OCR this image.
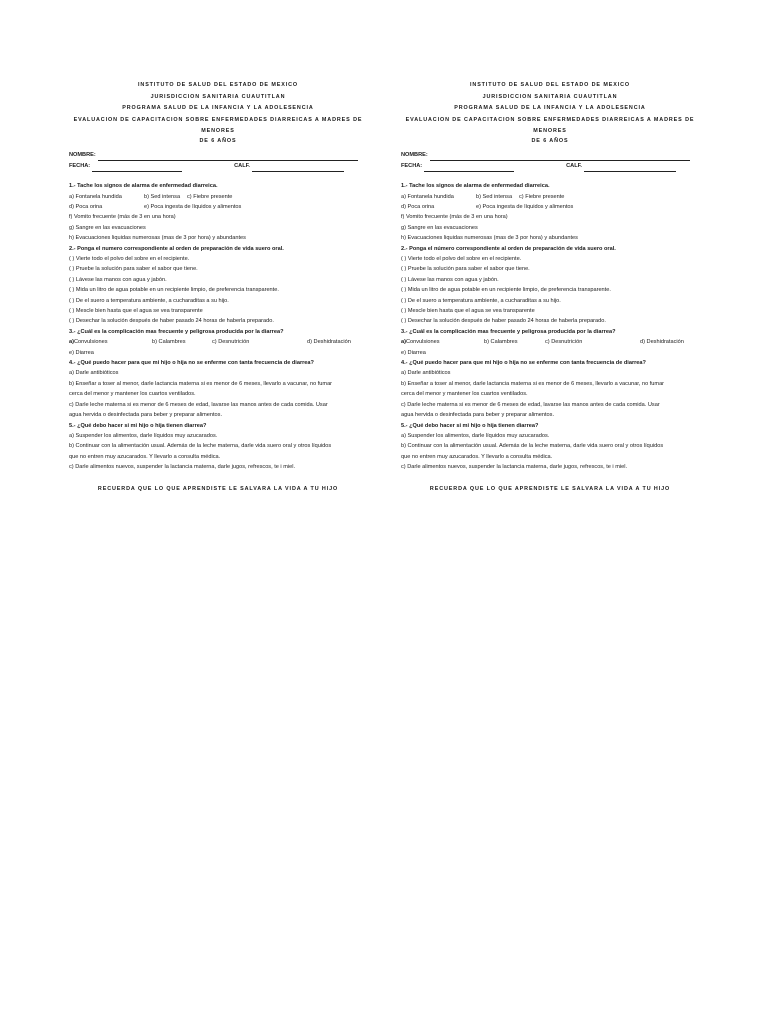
INSTITUTO DE SALUD DEL ESTADO DE MEXICO
JURISDICCION SANITARIA CUAUTITLAN
PROGRAMA SALUD DE LA INFANCIA Y LA ADOLESENCIA
EVALUACION DE CAPACITACION SOBRE ENFERMEDADES DIARREICAS A MADRES DE
MENORES
DE 6 AÑOS
NOMBRE:
FECHA:	CALF.
1.- Tache los signos de alarma de enfermedad diarreica.
a) Fontanela hundida	b) Sed intensa	c) Fiebre presente
d) Poca orina	e) Poca ingesta de líquidos y alimentos
f) Vomito frecuente (más de 3 en una hora)
g) Sangre en las evacuaciones
h) Evacuaciones liquidas numerosas (mas de 3 por hora) y abundantes
2.- Ponga el numero correspondiente al orden de preparación de vida suero oral.
( ) Vierte todo el polvo del sobre en el recipiente.
( ) Pruebe la solución para saber el sabor que tiene.
( ) Lávese las manos con agua y jabón.
( ) Mida un litro de agua potable en un recipiente limpio, de preferencia transparente.
( ) De el suero a temperatura ambiente, a cucharaditas a su hijo.
( ) Mescle bien hasta que el agua se vea transparente
( ) Desechar la solución después de haber pasado 24 horas de haberla preparado.
3.- ¿Cuál es la complicación mas frecuente y peligrosa producida por la diarrea?
a)Convulsiones	b) Calambres	c) Desnutrición	d) Deshidratación
e) Diarrea
4.- ¿Qué puedo hacer para que mi hijo o hija no se enferme con tanta frecuencia de diarrea?
a) Darle antibióticos
b) Enseñar a toser al menor, darle lactancia materna si es menor de 6 meses, llevarlo a vacunar, no fumar
cerca del menor y mantener los cuartos ventilados.
c) Darle leche materna si es menor de 6 meses de edad, lavarse las manos antes de cada comida. Usar
agua hervida o desinfectada para beber y preparar alimentos.
5.- ¿Qué debo hacer si mi hijo o hija tienen diarrea?
a) Suspender los alimentos, darle líquidos muy azucarados.
b) Continuar con la alimentación usual. Además de la leche materna, darle vida suero oral y otros líquidos
que no entren muy azucarados. Y llevarlo a consulta médica.
c) Darle alimentos nuevos, suspender la lactancia materna, darle jugos, refrescos, te i miel.
RECUERDA QUE LO QUE APRENDISTE LE SALVARA LA VIDA A TU HIJO
INSTITUTO DE SALUD DEL ESTADO DE MEXICO
JURISDICCION SANITARIA CUAUTITLAN
PROGRAMA SALUD DE LA INFANCIA Y LA ADOLESENCIA
EVALUACION DE CAPACITACION SOBRE ENFERMEDADES DIARREICAS A MADRES DE
MENORES
DE 6 AÑOS
NOMBRE:
FECHA:	CALF.
1.- Tache los signos de alarma de enfermedad diarreica.
a) Fontanela hundida	b) Sed intensa	c) Fiebre presente
d) Poca orina	e) Poca ingesta de líquidos y alimentos
f) Vomito frecuente (más de 3 en una hora)
g) Sangre en las evacuaciones
h) Evacuaciones liquidas numerosas (mas de 3 por hora) y abundantes
2.- Ponga el número correspondiente al orden de preparación de vida suero oral.
( ) Vierte todo el polvo del sobre en el recipiente.
( ) Pruebe la solución para saber el sabor que tiene.
( ) Lávese las manos con agua y jabón.
( ) Mida un litro de agua potable en un recipiente limpio, de preferencia transparente.
( ) De el suero a temperatura ambiente, a cucharaditas a su hijo.
( ) Mescle bien hasta que el agua se vea transparente
( ) Desechar la solución después de haber pasado 24 horas de haberla preparado.
3.- ¿Cuál es la complicación mas frecuente y peligrosa producida por la diarrea?
a)Convulsiones	b) Calambres	c) Desnutrición	d) Deshidratación
e) Diarrea
4.- ¿Qué puedo hacer para que mi hijo o hija no se enferme con tanta frecuencia de diarrea?
a) Darle antibióticos
b) Enseñar a toser al menor, darle lactancia materna si es menor de 6 meses, llevarlo a vacunar, no fumar
cerca del menor y mantener los cuartos ventilados.
c) Darle leche materna si es menor de 6 meses de edad, lavarse las manos antes de cada comida. Usar
agua hervida o desinfectada para beber y preparar alimentos.
5.- ¿Qué debo hacer si mi hijo o hija tienen diarrea?
a) Suspender los alimentos, darle líquidos muy azucarados.
b) Continuar con la alimentación usual. Además de la leche materna, darle vida suero oral y otros líquidos
que no entren muy azucarados. Y llevarlo a consulta médica.
c) Darle alimentos nuevos, suspender la lactancia materna, darle jugos, refrescos, te i miel.
RECUERDA QUE LO QUE APRENDISTE LE SALVARA LA VIDA A TU HIJO
